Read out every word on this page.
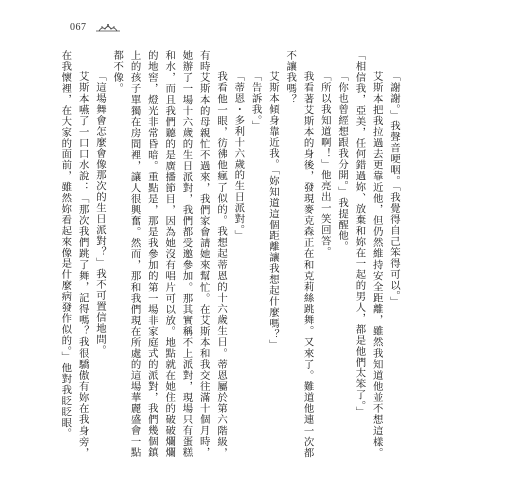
067

「謝謝。」我聲音哽咽。「我覺得自己笨得可以。」

艾斯本把我拉過去更靠近他，但仍然維持安全距離，雖然我知道他並不想這樣。「相信我，亞美，任何錯過妳、放棄和妳在一起的男人，都是他們太笨了。」

「你也曾經想跟我分開。」我提醒他。

「所以我知道啊！」他亮出一笑回答。

我看著艾斯本的身後，發現麥克森正在和克莉絲跳舞。又來了。難道他連一次都不讓我嗎？

艾斯本傾身靠近我。「妳知道這個距離讓我想起什麼嗎？」

「告訴我。」

「蒂恩・多利十六歲的生日派對。」

我看他一眼，彷彿他瘋了似的。我想起蒂恩的十六歲生日。蒂恩屬於第六階級，有時艾斯本的母親忙不過來，我們家會請她來幫忙。在艾斯本和我交往滿十個月時，她辦了一場十六歲的生日派對，我們都受邀參加。那其實稱不上派對，現場只有蛋糕和水，而且我們聽的是廣播節目，因為她沒有唱片可以放。地點就在她住的破破爛爛的地窖，燈光非常昏暗。重點是，那是我參加的第一場非家庭式的派對，我們幾個鎮上的孩子單獨在房間裡，讓人很興奮。然而，那和我們現在所處的這場華麗盛會一點都不像。

「這場舞會怎麼會像那次的生日派對？」我不可置信地問。

艾斯本嚥了一口口水說：「那次我們跳了舞，記得嗎？我很驕傲有妳在我身旁，在我懷裡，在大家的面前，雖然妳看起來像是什麼病發作似的。」他對我眨眨眼。
